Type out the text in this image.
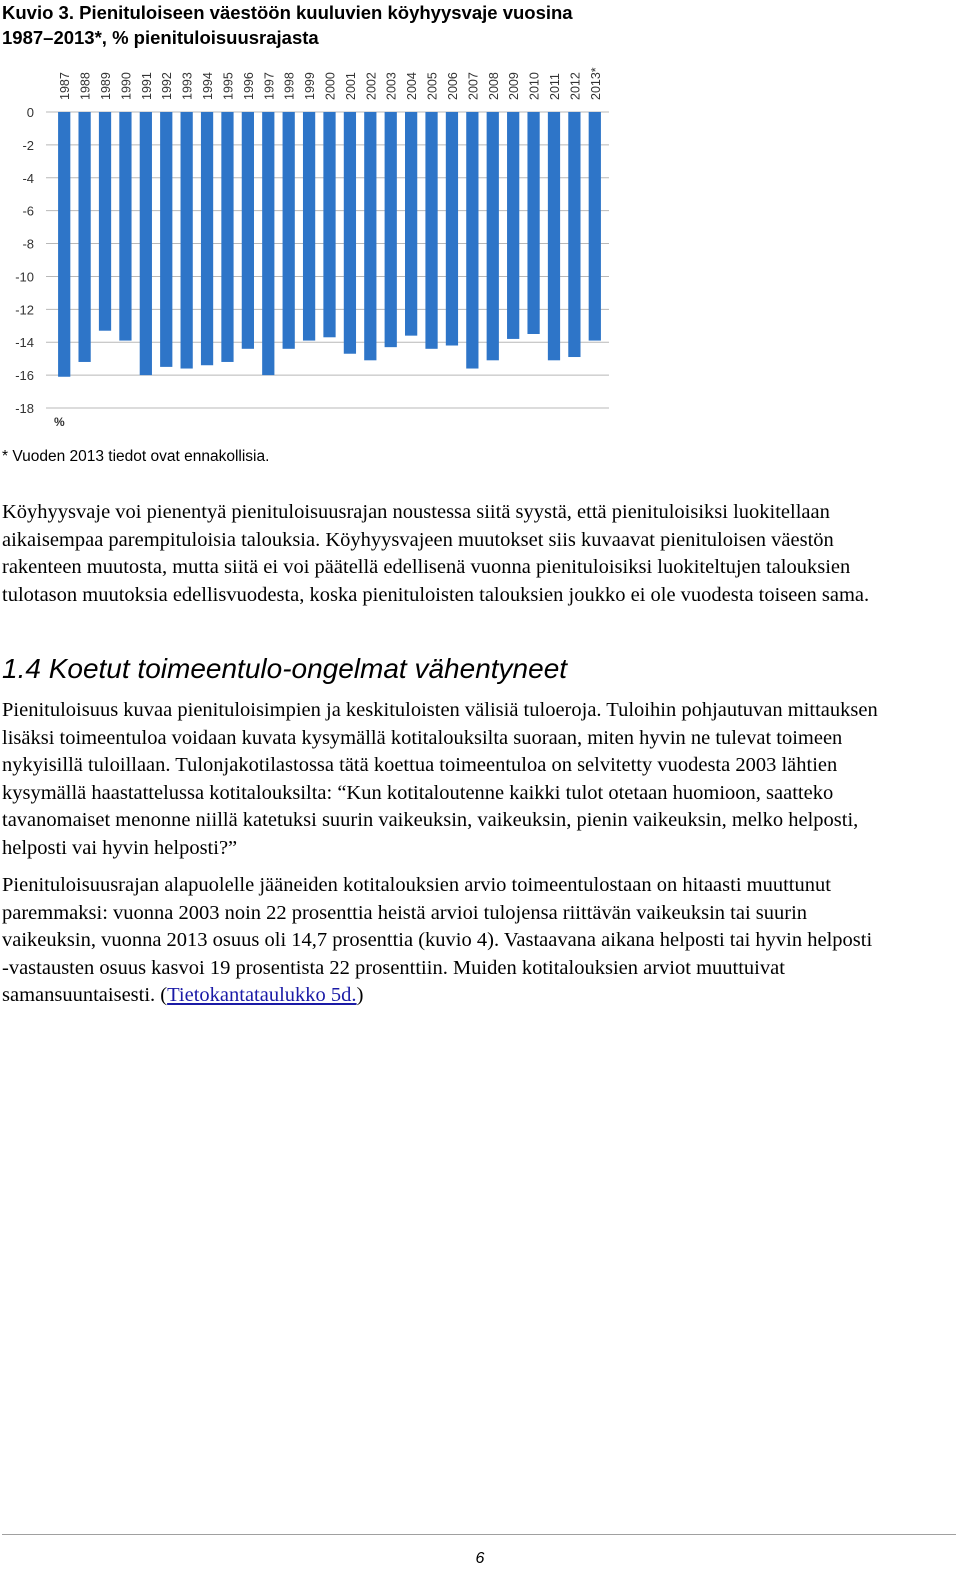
Kuvio 3. Pienituloiseen väestöön kuuluvien köyhyysvaje vuosina
1987–2013*, % pienituloisuusrajasta
0
-2
-4
-6
-8
-10
-12
-14
-16
-18
%
1987 1988 1989 1990 1991 1992 1993 1994 1995 1996 1997 1998 1999 2000 2001 2002 2003 2004 2005 2006 2007 2008 2009 2010 2011 2012 2013*
* Vuoden 2013 tiedot ovat ennakollisia.

Köyhyysvaje voi pienentyä pienituloisuusrajan noustessa siitä syystä, että pienituloisiksi luokitellaan
aikaisempaa parempituloisia talouksia. Köyhyysvajeen muutokset siis kuvaavat pienituloisen väestön
rakenteen muutosta, mutta siitä ei voi päätellä edellisenä vuonna pienituloisiksi luokiteltujen talouksien
tulotason muutoksia edellisvuodesta, koska pienituloisten talouksien joukko ei ole vuodesta toiseen sama.

1.4 Koetut toimeentulo-ongelmat vähentyneet

Pienituloisuus kuvaa pienituloisimpien ja keskituloisten välisiä tuloeroja. Tuloihin pohjautuvan mittauksen
lisäksi toimeentuloa voidaan kuvata kysymällä kotitalouksilta suoraan, miten hyvin ne tulevat toimeen
nykyisillä tuloillaan. Tulonjakotilastossa tätä koettua toimeentuloa on selvitetty vuodesta 2003 lähtien
kysymällä haastattelussa kotitalouksilta: “Kun kotitaloutenne kaikki tulot otetaan huomioon, saatteko
tavanomaiset menonne niillä katetuksi suurin vaikeuksin, vaikeuksin, pienin vaikeuksin, melko helposti,
helposti vai hyvin helposti?”

Pienituloisuusrajan alapuolelle jääneiden kotitalouksien arvio toimeentulostaan on hitaasti muuttunut
paremmaksi: vuonna 2003 noin 22 prosenttia heistä arvioi tulojensa riittävän vaikeuksin tai suurin
vaikeuksin, vuonna 2013 osuus oli 14,7 prosenttia (kuvio 4). Vastaavana aikana helposti tai hyvin helposti
-vastausten osuus kasvoi 19 prosentista 22 prosenttiin. Muiden kotitalouksien arviot muuttuivat
samansuuntaisesti. (Tietokantataulukko 5d.)

6
